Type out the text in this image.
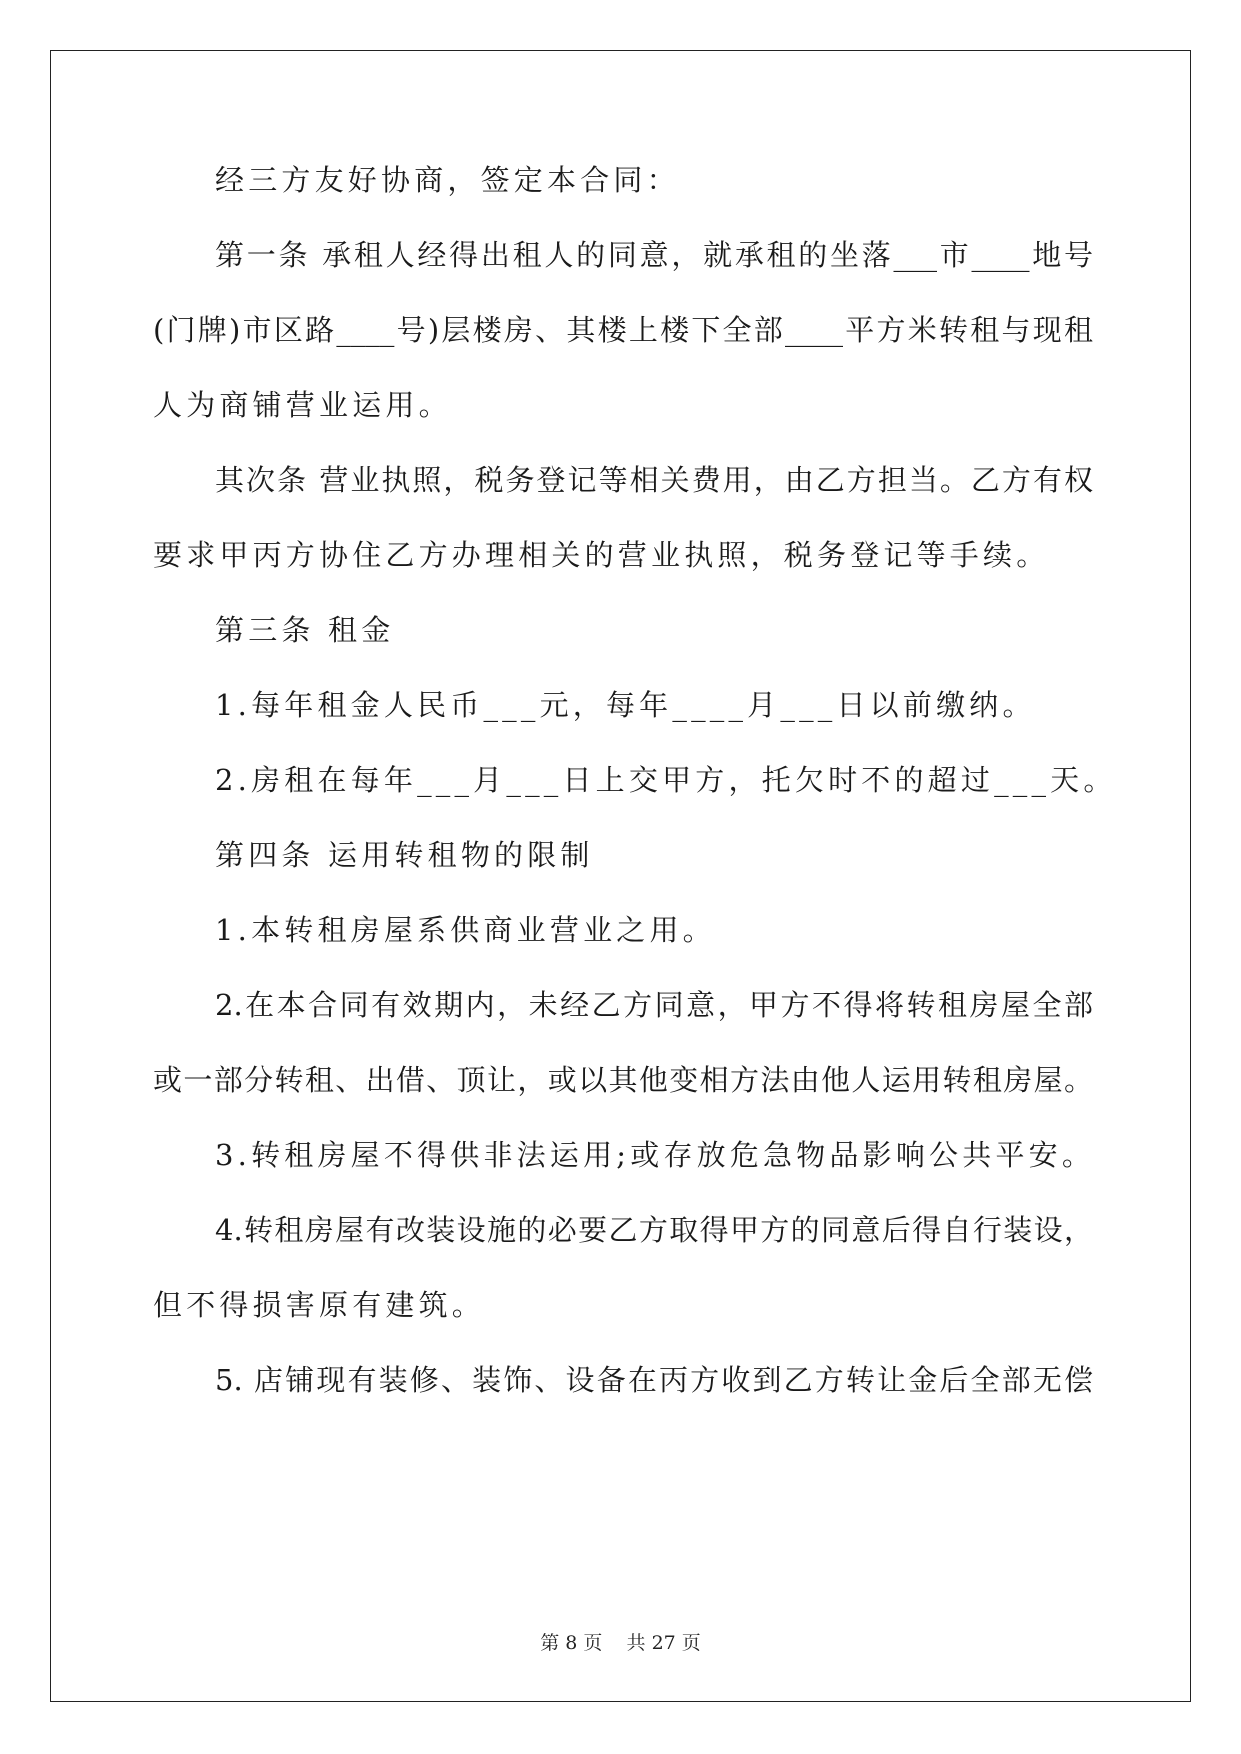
经三方友好协商，签定本合同：
第一条 承租人经得出租人的同意，就承租的坐落___市____地号
(门牌)市区路____号)层楼房、其楼上楼下全部____平方米转租与现租
人为商铺营业运用。
其次条 营业执照，税务登记等相关费用，由乙方担当。乙方有权
要求甲丙方协住乙方办理相关的营业执照，税务登记等手续。
第三条 租金
1.每年租金人民币___元，每年____月___日以前缴纳。
2.房租在每年___月___日上交甲方，托欠时不的超过___天。
第四条 运用转租物的限制
1.本转租房屋系供商业营业之用。
2.在本合同有效期内，未经乙方同意，甲方不得将转租房屋全部
或一部分转租、出借、顶让，或以其他变相方法由他人运用转租房屋。
3.转租房屋不得供非法运用;或存放危急物品影响公共平安。
4.转租房屋有改装设施的必要乙方取得甲方的同意后得自行装设，
但不得损害原有建筑。
5. 店铺现有装修、装饰、设备在丙方收到乙方转让金后全部无偿
第 8 页    共 27 页
